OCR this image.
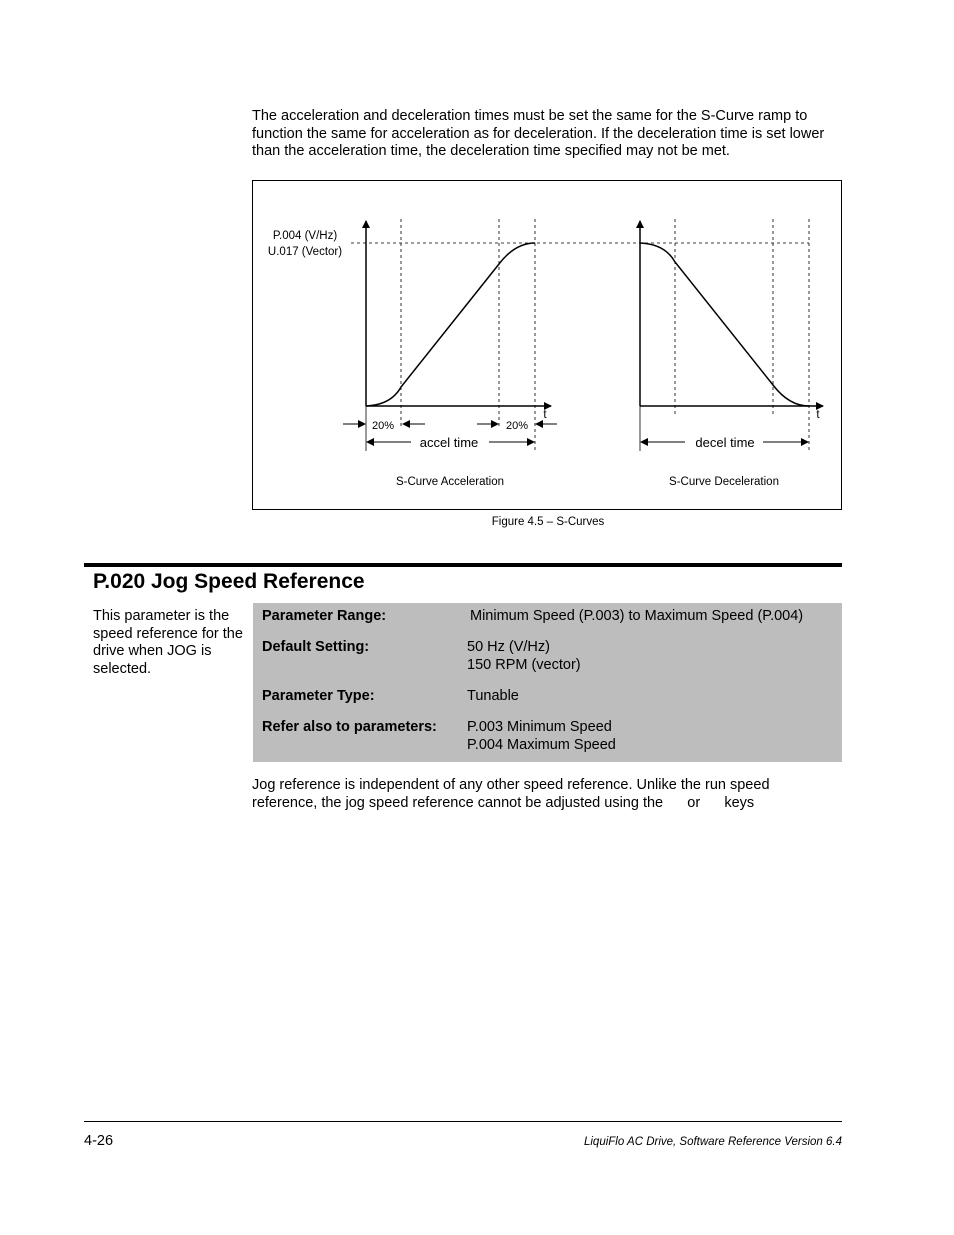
The acceleration and deceleration times must be set the same for the S-Curve ramp to function the same for acceleration as for deceleration. If the deceleration time is set lower than the acceleration time, the deceleration time specified may not be met.

P.004 (V/Hz)
U.017 (Vector)
t
20%	20%
accel time
S-Curve Acceleration
t
decel time
S-Curve Deceleration
Figure 4.5 – S-Curves
P.020 Jog Speed Reference

This parameter is the speed reference for the drive when JOG is selected.

Parameter Range:	Minimum Speed (P.003) to Maximum Speed (P.004)
Default Setting:	50 Hz (V/Hz)
150 RPM (vector)
Parameter Type:	Tunable
Refer also to parameters: P.003 Minimum Speed
P.004 Maximum Speed

Jog reference is independent of any other speed reference. Unlike the run speed
reference, the jog speed reference cannot be adjusted using the      or      keys

4-26	LiquiFlo AC Drive, Software Reference Version 6.4
